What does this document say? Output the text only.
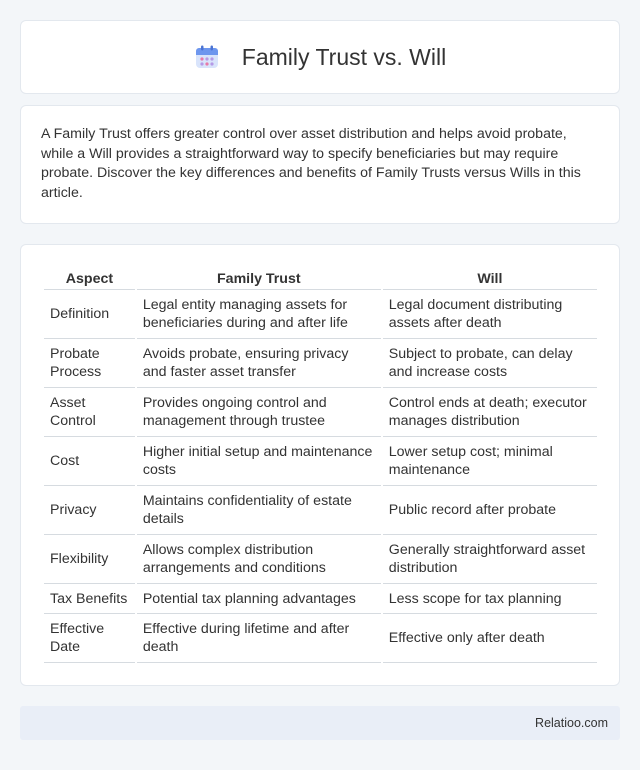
Family Trust vs. Will

A Family Trust offers greater control over asset distribution and helps avoid probate, while a Will provides a straightforward way to specify beneficiaries but may require probate. Discover the key differences and benefits of Family Trusts versus Wills in this article.

Aspect	Family Trust	Will
Definition	Legal entity managing assets for beneficiaries during and after life	Legal document distributing assets after death
Probate Process	Avoids probate, ensuring privacy and faster asset transfer	Subject to probate, can delay and increase costs
Asset Control	Provides ongoing control and management through trustee	Control ends at death; executor manages distribution
Cost	Higher initial setup and maintenance costs	Lower setup cost; minimal maintenance
Privacy	Maintains confidentiality of estate details	Public record after probate
Flexibility	Allows complex distribution arrangements and conditions	Generally straightforward asset distribution
Tax Benefits	Potential tax planning advantages	Less scope for tax planning
Effective Date	Effective during lifetime and after death	Effective only after death
Relatioo.com
